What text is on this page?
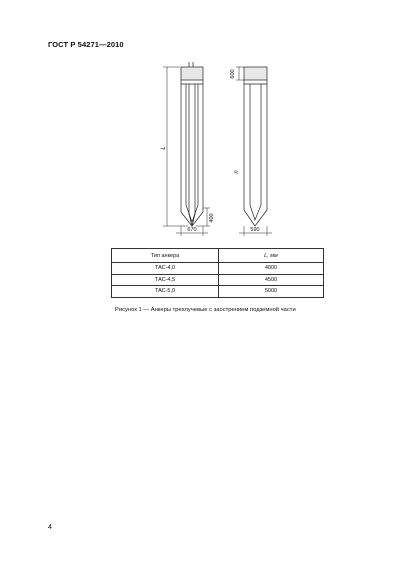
ГОСТ Р 54271—2010
L
400
670
600
n
590
Тип анкера	L, мм
ТАС-4,0	4000
ТАС-4,5	4500
ТАС-5,0	5000
Рисунок 1 — Анкеры трехлучевые с заострением подземной части
4
